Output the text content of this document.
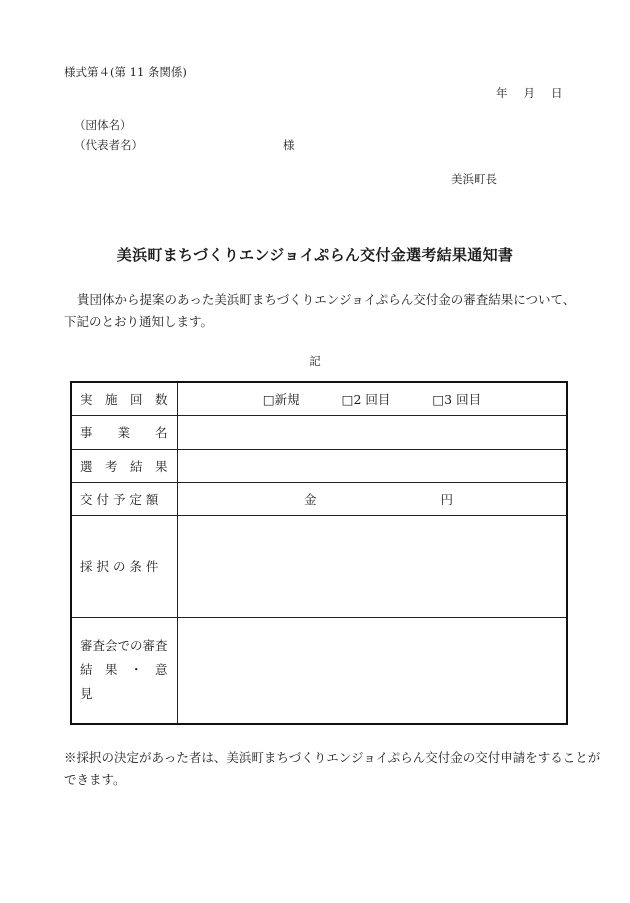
様式第４(第 11 条関係)
年 月 日
（団体名）
（代表者名）	様
美浜町長
美浜町まちづくりエンジョイぷらん交付金選考結果通知書
貴団体から提案のあった美浜町まちづくりエンジョイぷらん交付金の審査結果について、
下記のとおり通知します。
記
実　施　回　数	□新規 □2 回目 □3 回目
事　　業　　名	
選　考　結　果	
交 付 予 定 額	金 円
採 択 の 条 件	

審査会での審査
結　果　・　意　見	

※採択の決定があった者は、美浜町まちづくりエンジョイぷらん交付金の交付申請をすることが
できます。
